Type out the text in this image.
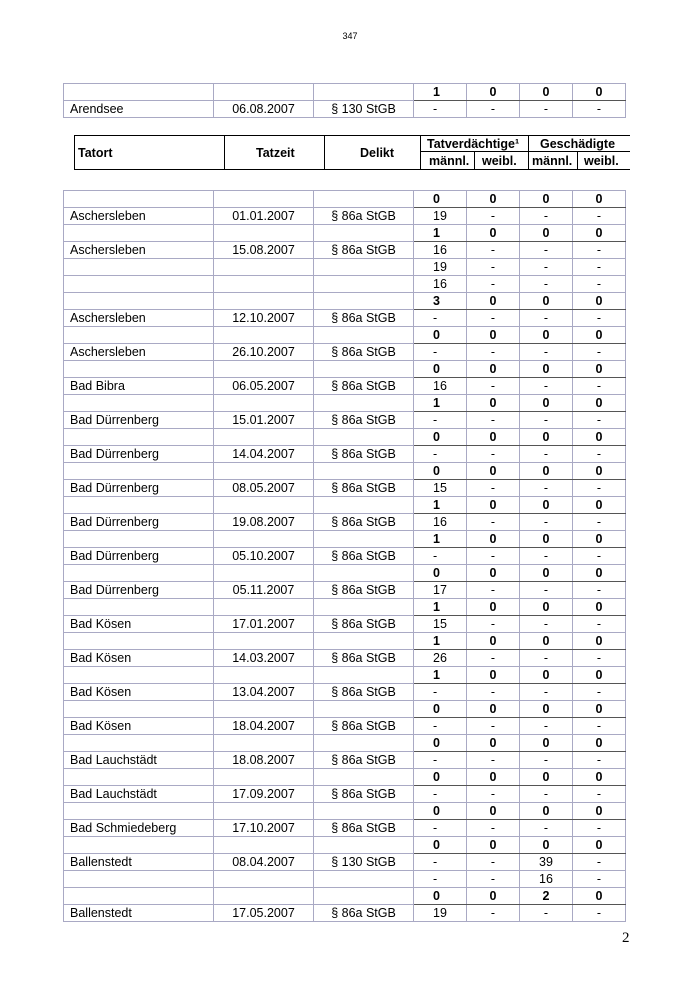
347
			1	0	0	0
Arendsee	06.08.2007	§ 130 StGB	-	-	-	-
Tatort	Tatzeit	Delikt
Tatverdächtige¹ Geschädigte
männl. weibl. männl. weibl.
			0	0	0	0
Aschersleben	01.01.2007	§ 86a StGB	19	-	-	-
			1	0	0	0
Aschersleben	15.08.2007	§ 86a StGB	16	-	-	-
			19	-	-	-
			16	-	-	-
			3	0	0	0
Aschersleben	12.10.2007	§ 86a StGB	-	-	-	-
			0	0	0	0
Aschersleben	26.10.2007	§ 86a StGB	-	-	-	-
			0	0	0	0
Bad Bibra	06.05.2007	§ 86a StGB	16	-	-	-
			1	0	0	0
Bad Dürrenberg	15.01.2007	§ 86a StGB	-	-	-	-
			0	0	0	0
Bad Dürrenberg	14.04.2007	§ 86a StGB	-	-	-	-
			0	0	0	0
Bad Dürrenberg	08.05.2007	§ 86a StGB	15	-	-	-
			1	0	0	0
Bad Dürrenberg	19.08.2007	§ 86a StGB	16	-	-	-
			1	0	0	0
Bad Dürrenberg	05.10.2007	§ 86a StGB	-	-	-	-
			0	0	0	0
Bad Dürrenberg	05.11.2007	§ 86a StGB	17	-	-	-
			1	0	0	0
Bad Kösen	17.01.2007	§ 86a StGB	15	-	-	-
			1	0	0	0
Bad Kösen	14.03.2007	§ 86a StGB	26	-	-	-
			1	0	0	0
Bad Kösen	13.04.2007	§ 86a StGB	-	-	-	-
			0	0	0	0
Bad Kösen	18.04.2007	§ 86a StGB	-	-	-	-
			0	0	0	0
Bad Lauchstädt	18.08.2007	§ 86a StGB	-	-	-	-
			0	0	0	0
Bad Lauchstädt	17.09.2007	§ 86a StGB	-	-	-	-
			0	0	0	0
Bad Schmiedeberg	17.10.2007	§ 86a StGB	-	-	-	-
			0	0	0	0
Ballenstedt	08.04.2007	§ 130 StGB	-	-	39	-
			-	-	16	-
			0	0	2	0
Ballenstedt	17.05.2007	§ 86a StGB	19	-	-	-
2
